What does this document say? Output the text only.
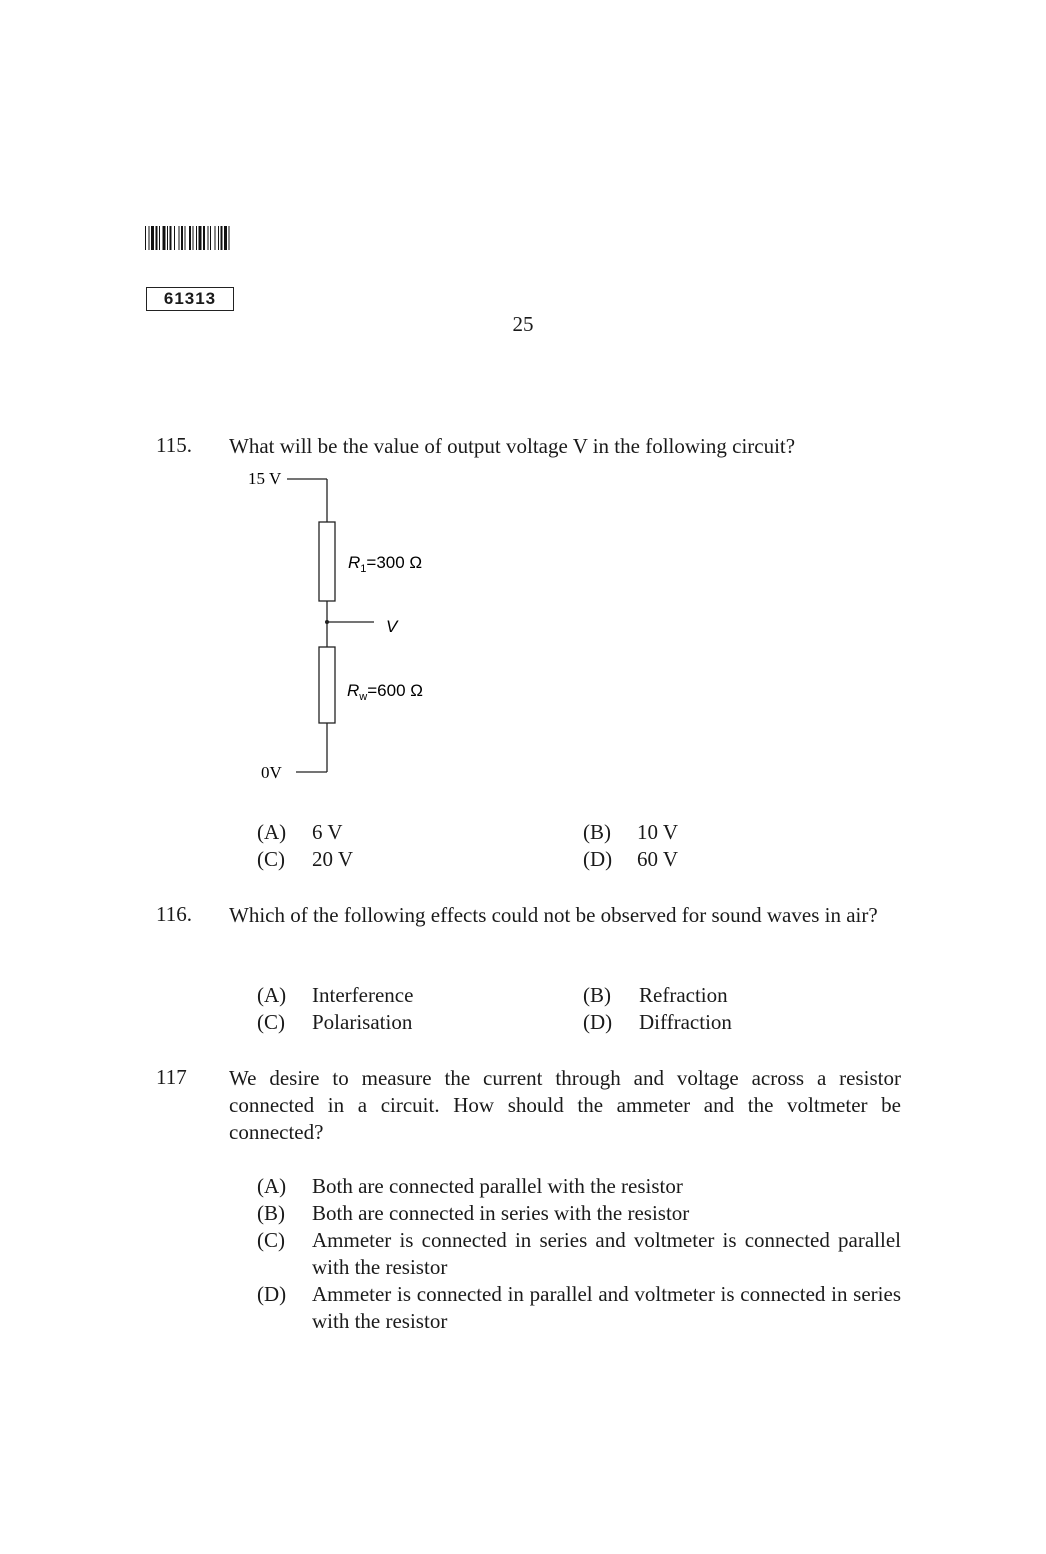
61313
25
115. What will be the value of output voltage V in the following circuit?
15 V
$R_1=300$ Ω
V
$R_w=600$ Ω
0V
(A) 6 V	(B) 10 V
(C) 20 V	(D) 60 V
116. Which of the following effects could not be observed for sound waves in air?
(A) Interference	(B) Refraction
(C) Polarisation	(D) Diffraction
117 We desire to measure the current through and voltage across a resistor connected in a circuit. How should the ammeter and the voltmeter be connected?
(A)	Both are connected parallel with the resistor
(B)	Both are connected in series with the resistor
(C)	Ammeter is connected in series and voltmeter is connected parallel with the resistor
(D)	Ammeter is connected in parallel and voltmeter is connected in series with the resistor
